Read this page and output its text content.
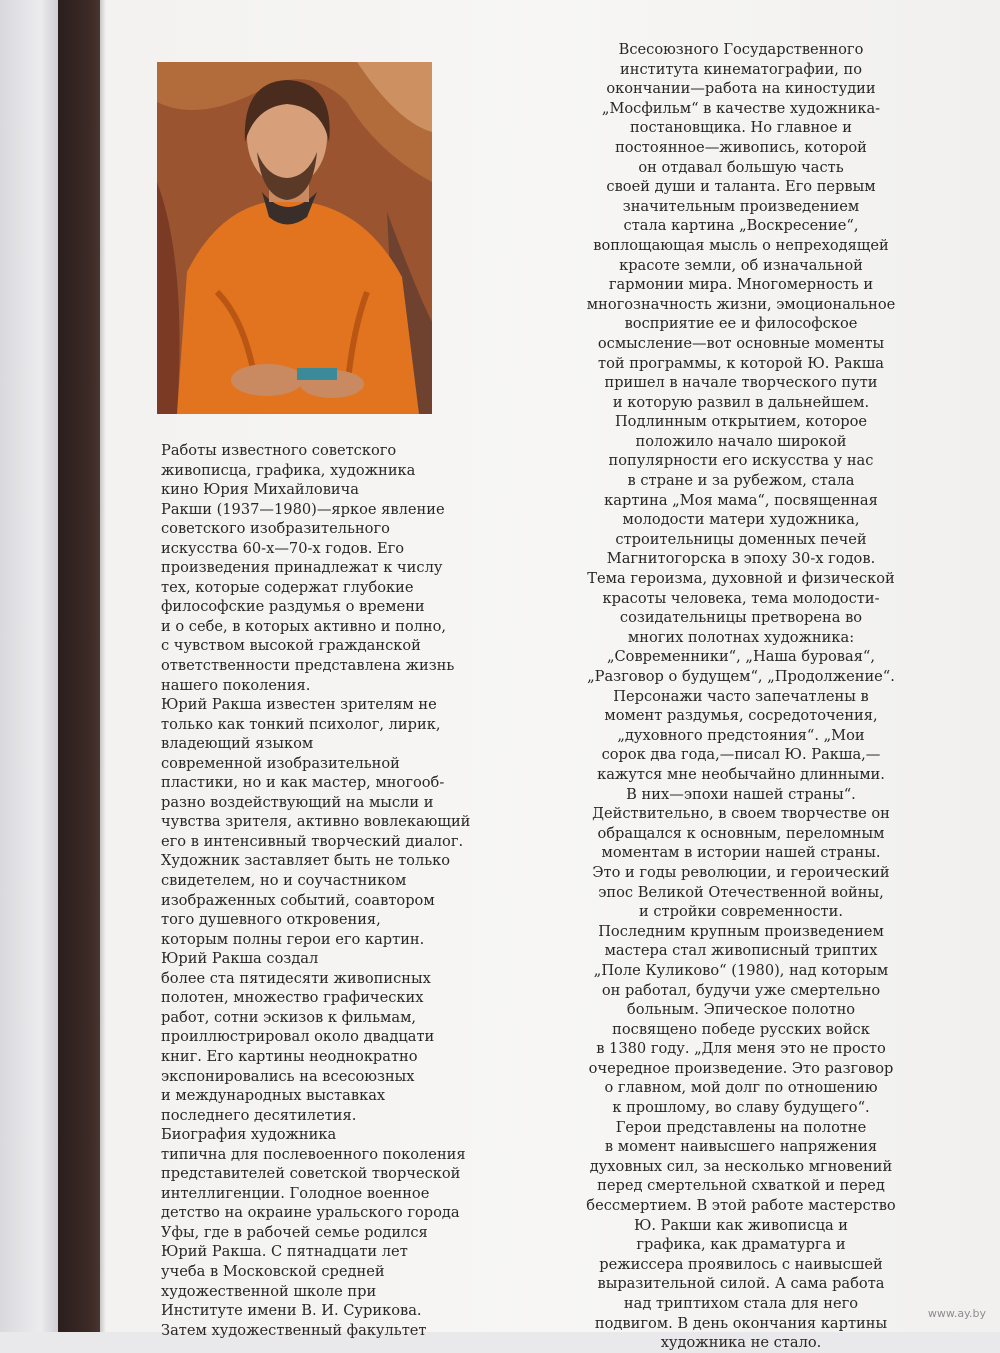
Работы известного советского
живописца, графика, художника
кино Юрия Михайловича
Ракши (1937—1980)—яркое явление
советского изобразительного
искусства 60-х—70-х годов. Его
произведения принадлежат к числу
тех, которые содержат глубокие
философские раздумья о времени
и о себе, в которых активно и полно,
с чувством высокой гражданской
ответственности представлена жизнь
нашего поколения.
Юрий Ракша известен зрителям не
только как тонкий психолог, лирик,
владеющий языком
современной изобразительной
пластики, но и как мастер, многооб-
разно воздействующий на мысли и
чувства зрителя, активно вовлекающий
его в интенсивный творческий диалог.
Художник заставляет быть не только
свидетелем, но и соучастником
изображенных событий, соавтором
того душевного откровения,
которым полны герои его картин.
Юрий Ракша создал
более ста пятидесяти живописных
полотен, множество графических
работ, сотни эскизов к фильмам,
проиллюстрировал около двадцати
книг. Его картины неоднократно
экспонировались на всесоюзных
и международных выставках
последнего десятилетия.
Биография художника
типична для послевоенного поколения
представителей советской творческой
интеллигенции. Голодное военное
детство на окраине уральского города
Уфы, где в рабочей семье родился
Юрий Ракша. С пятнадцати лет
учеба в Московской средней
художественной школе при
Институте имени В. И. Сурикова.
Затем художественный факультет
Всесоюзного Государственного
института кинематографии, по
окончании—работа на киностудии
„Мосфильм“ в качестве художника-
постановщика. Но главное и
постоянное—живопись, которой
он отдавал большую часть
своей души и таланта. Его первым
значительным произведением
стала картина „Воскресение“,
воплощающая мысль о непреходящей
красоте земли, об изначальной
гармонии мира. Многомерность и
многозначность жизни, эмоциональное
восприятие ее и философское
осмысление—вот основные моменты
той программы, к которой Ю. Ракша
пришел в начале творческого пути
и которую развил в дальнейшем.
Подлинным открытием, которое
положило начало широкой
популярности его искусства у нас
в стране и за рубежом, стала
картина „Моя мама“, посвященная
молодости матери художника,
строительницы доменных печей
Магнитогорска в эпоху 30-х годов.
Тема героизма, духовной и физической
красоты человека, тема молодости-
созидательницы претворена во
многих полотнах художника:
„Современники“, „Наша буровая“,
„Разговор о будущем“, „Продолжение“.
Персонажи часто запечатлены в
момент раздумья, сосредоточения,
„духовного предстояния“. „Мои
сорок два года,—писал Ю. Ракша,—
кажутся мне необычайно длинными.
В них—эпохи нашей страны“.
Действительно, в своем творчестве он
обращался к основным, переломным
моментам в истории нашей страны.
Это и годы революции, и героический
эпос Великой Отечественной войны,
и стройки современности.
Последним крупным произведением
мастера стал живописный триптих
„Поле Куликово“ (1980), над которым
он работал, будучи уже смертельно
больным. Эпическое полотно
посвящено победе русских войск
в 1380 году. „Для меня это не просто
очередное произведение. Это разговор
о главном, мой долг по отношению
к прошлому, во славу будущего“.
Герои представлены на полотне
в момент наивысшего напряжения
духовных сил, за несколько мгновений
перед смертельной схваткой и перед
бессмертием. В этой работе мастерство
Ю. Ракши как живописца и
графика, как драматурга и
режиссера проявилось с наивысшей
выразительной силой. А сама работа
над триптихом стала для него
подвигом. В день окончания картины
художника не стало.
www.ay.by
